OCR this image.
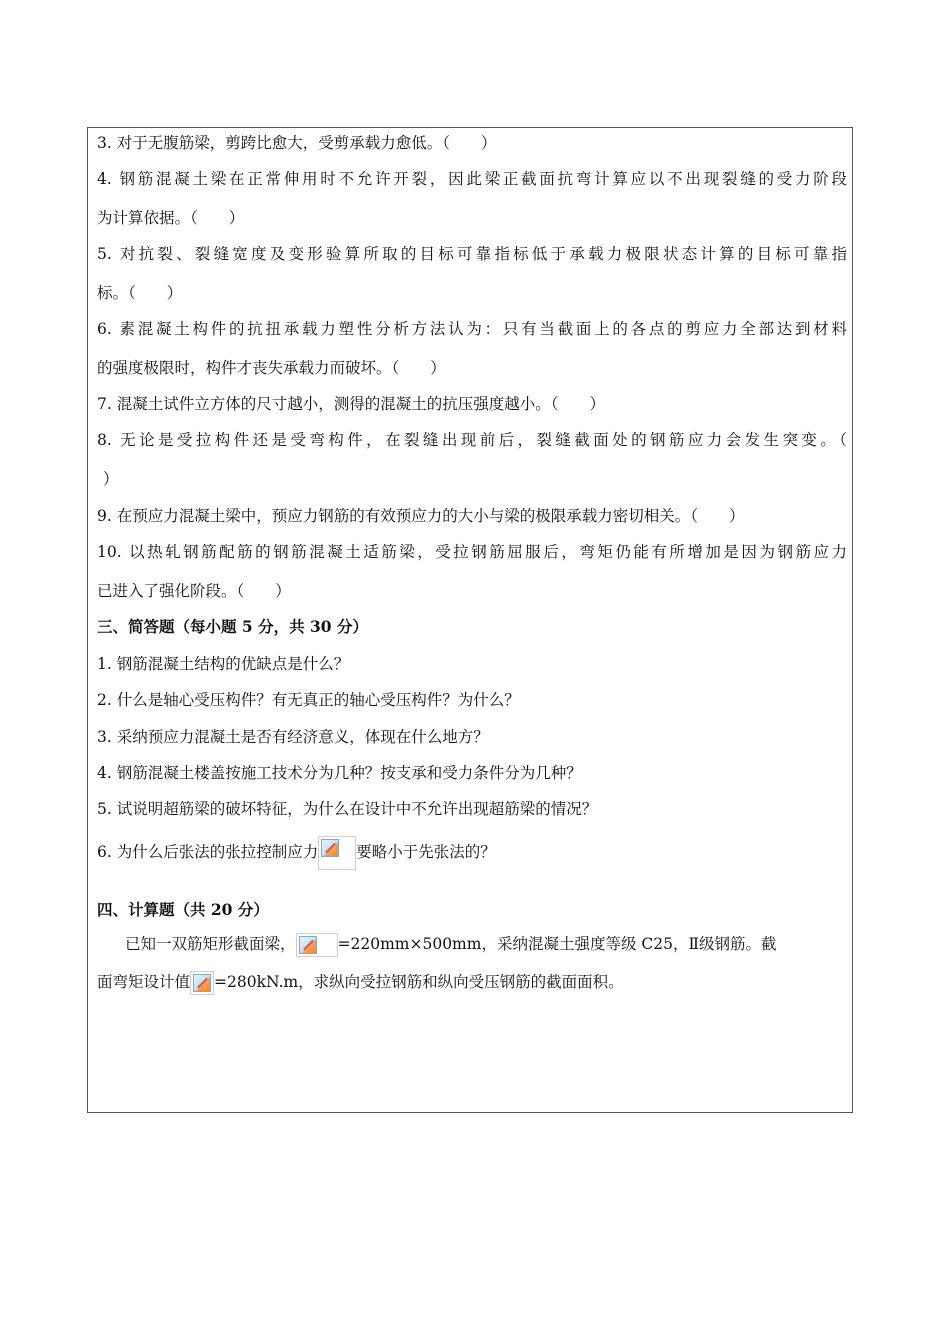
3. 对于无腹筋梁，剪跨比愈大，受剪承载力愈低。（　　）
4. 钢筋混凝土梁在正常伸用时不允许开裂，因此梁正截面抗弯计算应以不出现裂缝的受力阶段
为计算依据。（　　）
5. 对抗裂、裂缝宽度及变形验算所取的目标可靠指标低于承载力极限状态计算的目标可靠指
标。（　　）
6. 素混凝土构件的抗扭承载力塑性分析方法认为：只有当截面上的各点的剪应力全部达到材料
的强度极限时，构件才丧失承载力而破坏。（　　）
7. 混凝土试件立方体的尺寸越小，测得的混凝土的抗压强度越小。（　　）
8. 无论是受拉构件还是受弯构件，在裂缝出现前后，裂缝截面处的钢筋应力会发生突变。（
）
9. 在预应力混凝土梁中，预应力钢筋的有效预应力的大小与梁的极限承载力密切相关。（　　）
10. 以热轧钢筋配筋的钢筋混凝土适筋梁，受拉钢筋屈服后，弯矩仍能有所增加是因为钢筋应力
已进入了强化阶段。（　　）
三、简答题（每小题 5 分，共 30 分）
1. 钢筋混凝土结构的优缺点是什么？
2. 什么是轴心受压构件？有无真正的轴心受压构件？为什么？
3. 采纳预应力混凝土是否有经济意义，体现在什么地方？
4. 钢筋混凝土楼盖按施工技术分为几种？按支承和受力条件分为几种？
5. 试说明超筋梁的破坏特征，为什么在设计中不允许出现超筋梁的情况？
6. 为什么后张法的张拉控制应力 要略小于先张法的？
四、计算题（共 20 分）
已知一双筋矩形截面梁，	=220mm×500mm，采纳混凝土强度等级 C25，Ⅱ级钢筋。截
面弯矩设计值 =280kN.m，求纵向受拉钢筋和纵向受压钢筋的截面面积。
